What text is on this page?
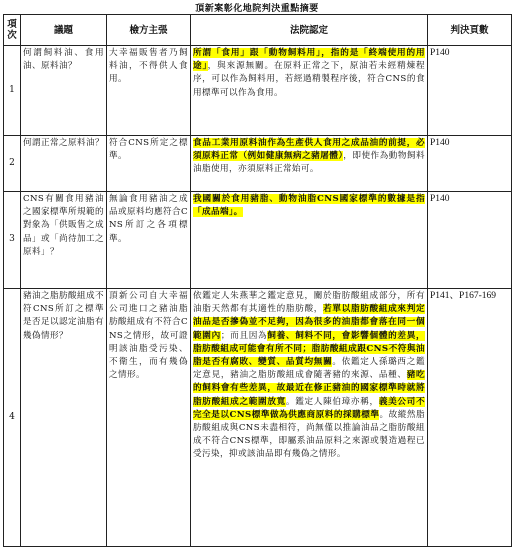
頂新案彰化地院判決重點摘要
項次	議題	檢方主張	法院認定	判決頁數
1	何謂飼料油、食用油、原料油？	大幸福販售者乃飼料油，不得供人食用。	所謂「食用」跟「動物飼料用」，指的是「終端使用的用途」，與來源無關。在原料正常之下，原油若未經精煉程序，可以作為飼料用，若經過精製程序後，符合CNS的食用標準可以作為食用。	P140
2	何謂正常之原料油？	符合CNS所定之標準。	食品工業用原料油作為生產供人食用之成品油的前提，必須原料正常（例如健康無病之豬屠體），即使作為動物飼料油脂使用，亦須原料正常始可。	P140
3	CNS有關食用豬油之國家標準所規範的對象為「供販售之成品」或「尚待加工之原料」？	無論食用豬油之成品或原料均應符合CNS所訂之各項標準。	我國關於食用豬脂、動物油脂CNS國家標準的數據是指「成品端」。	P140
4	豬油之脂肪酸組成不符CNS所訂之標準是否足以認定油脂有幾偽情形？	頂新公司自大幸福公司進口之豬油脂肪酸組成有不符合CNS之情形，故可證明該油脂受污染、不衛生，而有幾偽之情形。	依鑑定人朱燕華之鑑定意見，關於脂肪酸組成部分，所有油脂天然都有其適性的脂肪酸，若單以脂肪酸組成來判定油品是否摻偽並不足夠，因為很多的油脂都會落在同一個範圍內；而且因為飼養、飼料不同，會影響個體的差異，脂肪酸組成可能會有所不同；脂肪酸組成跟CNS不符與油脂是否有腐敗、變質、品質均無關。依鑑定人孫璐西之鑑定意見，豬油之脂肪酸組成會隨著豬的來源、品種、豬吃的飼料會有些差異，故最近在修正豬油的國家標準時就將脂肪酸組成之範圍放寬。鑑定人陳伯璋亦稱，義美公司不完全是以CNS標準做為供應商原料的採購標準。故縱然脂肪酸組成與CNS未盡相符，尚無僅以推論油品之脂肪酸組成不符合CNS標準，即屬系油品原料之來源或製造過程已受污染，抑或該油品即有幾偽之情形。	P141、P167-169
